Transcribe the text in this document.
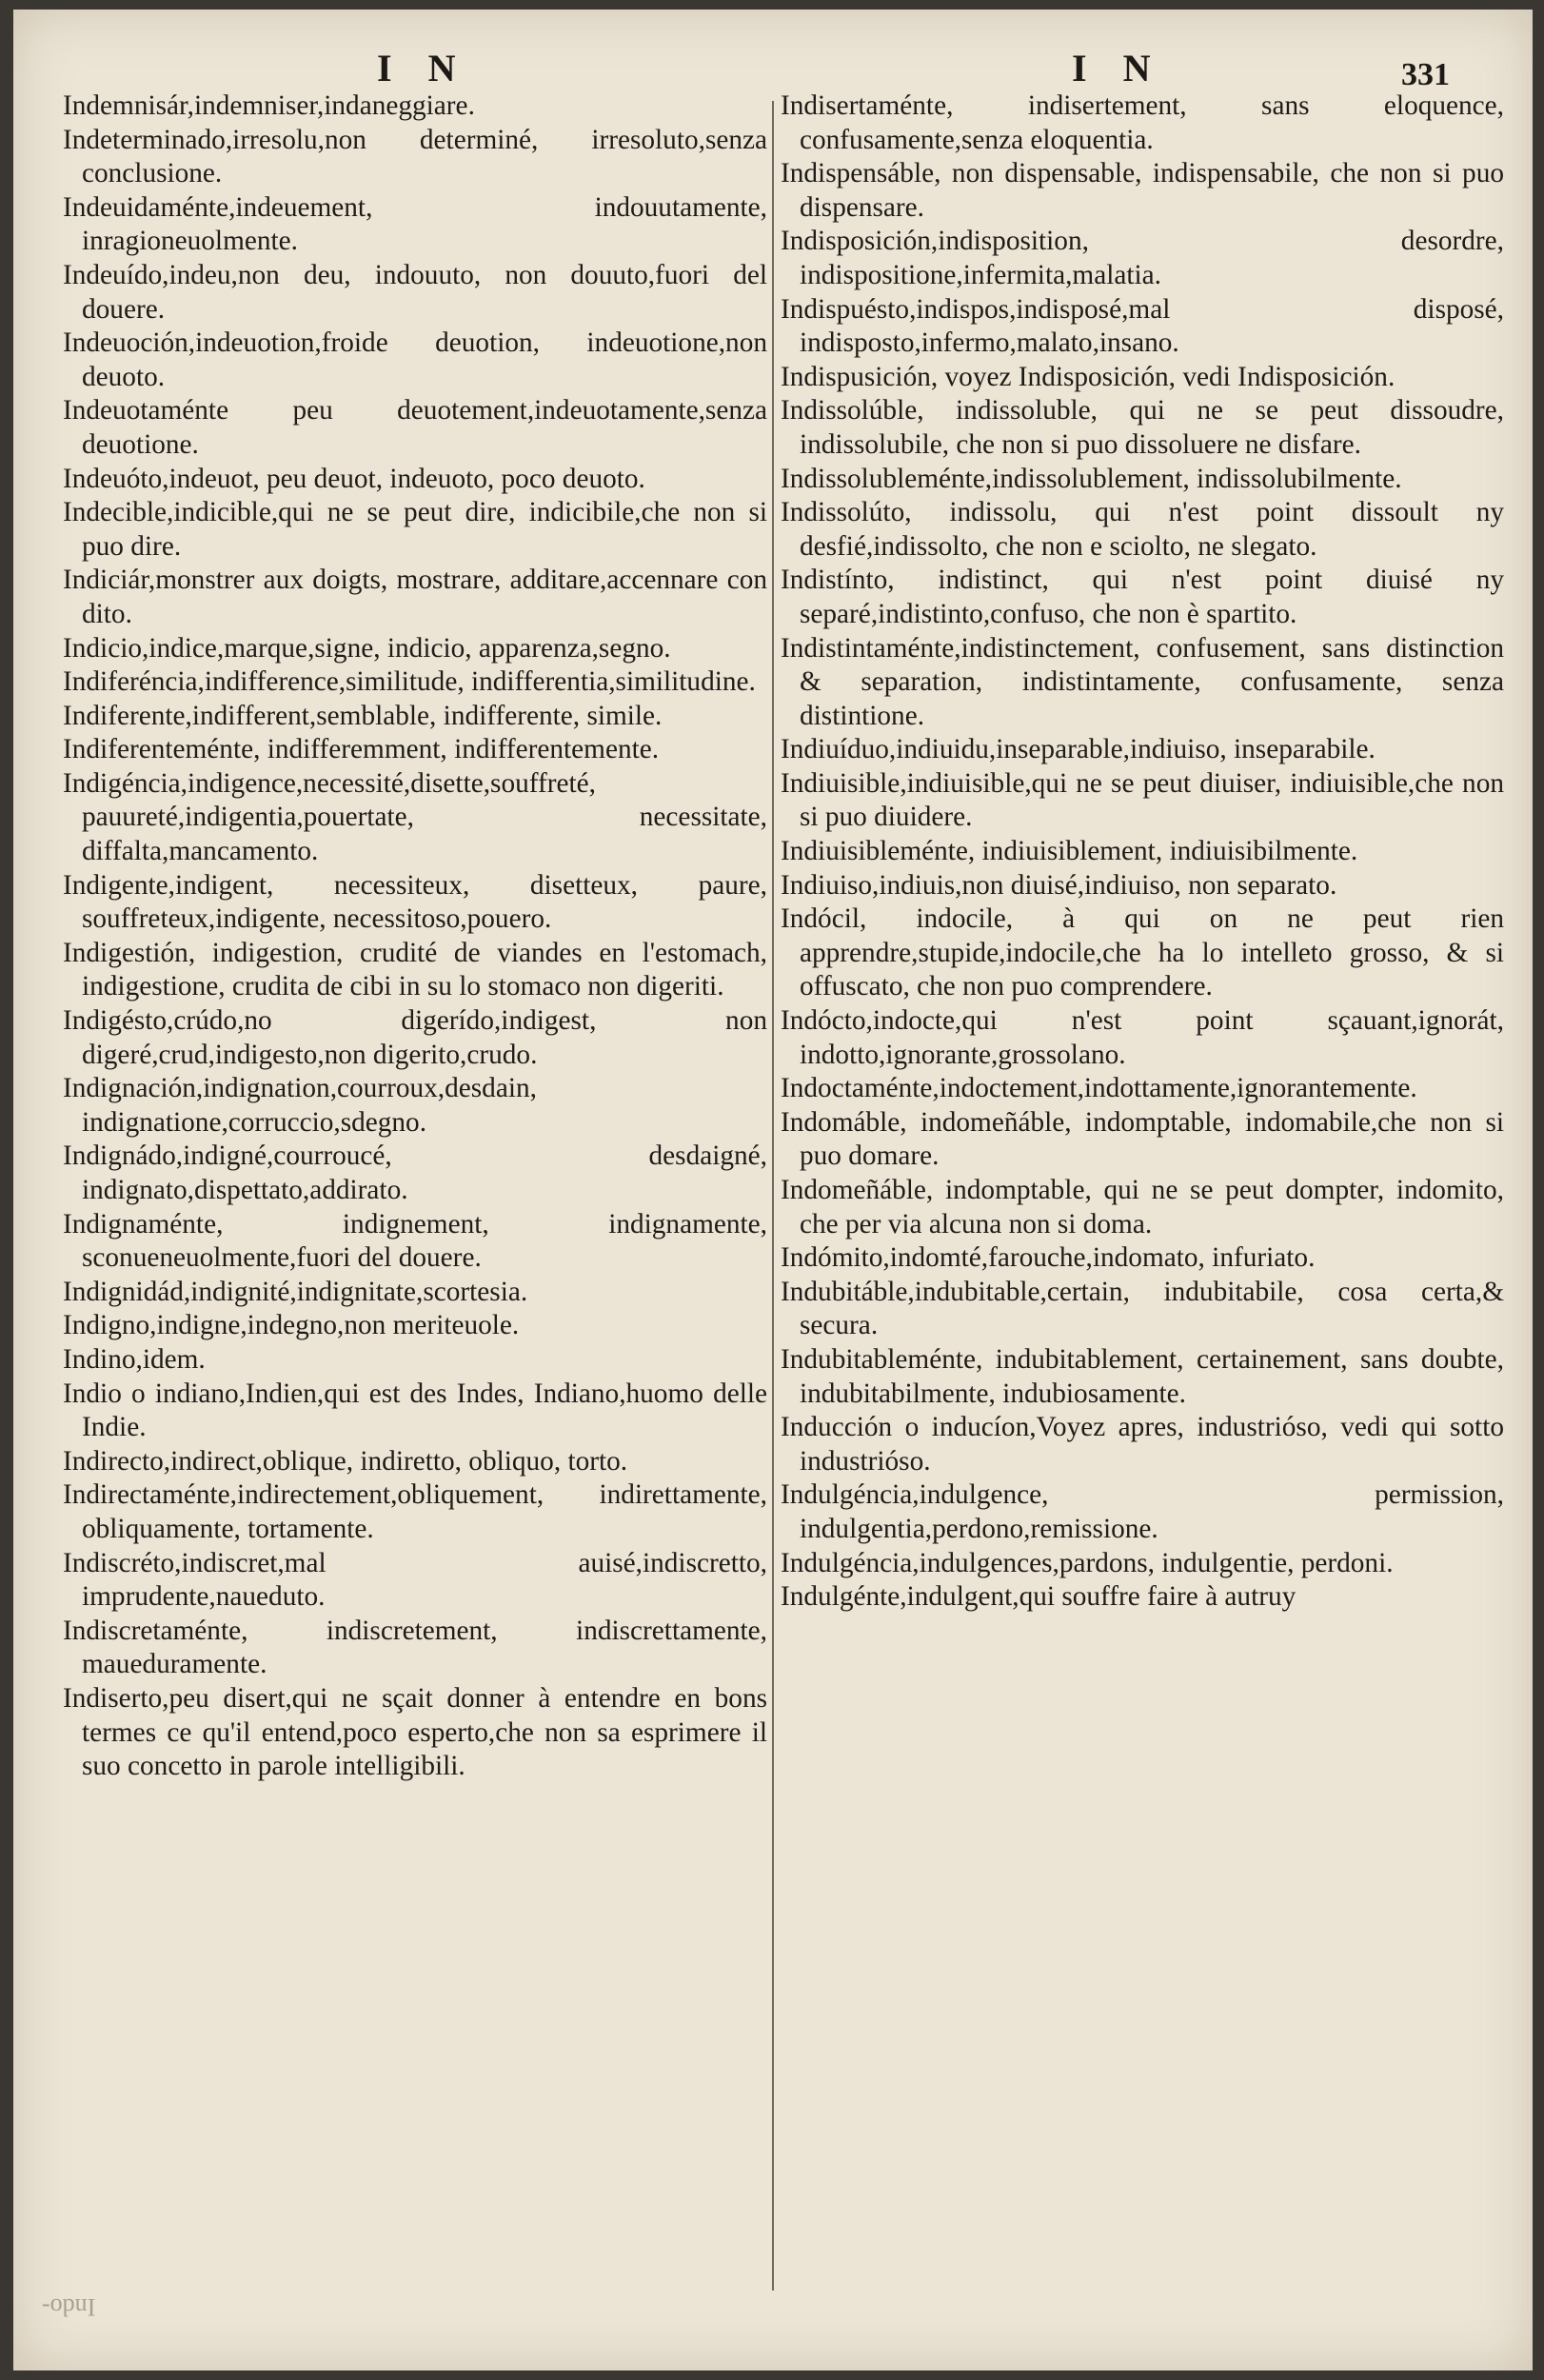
I N	I N	331

Indemnisár,indemniser,indaneggiare.

Indeterminado,irresolu,non determiné, irresoluto,senza conclusione.

Indeuidaménte,indeuement, indouutamente, inragioneuolmente.

Indeuído,indeu,non deu, indouuto, non douuto,fuori del douere.

Indeuoción,indeuotion,froide deuotion, indeuotione,non deuoto.

Indeuotaménte peu deuotement,indeuotamente,senza deuotione.

Indeuóto,indeuot, peu deuot, indeuoto, poco deuoto.

Indecible,indicible,qui ne se peut dire, indicibile,che non si puo dire.

Indiciár,monstrer aux doigts, mostrare, additare,accennare con dito.

Indicio,indice,marque,signe, indicio, apparenza,segno.

Indiferéncia,indifference,similitude, indifferentia,similitudine.

Indiferente,indifferent,semblable, indifferente, simile.

Indiferenteménte, indifferemment, indifferentemente.

Indigéncia,indigence,necessité,disette,souffreté, pauureté,indigentia,pouertate, necessitate, diffalta,mancamento.

Indigente,indigent, necessiteux, disetteux, paure, souffreteux,indigente, necessitoso,pouero.

Indigestión, indigestion, crudité de viandes en l'estomach, indigestione, crudita de cibi in su lo stomaco non digeriti.

Indigésto,crúdo,no digerído,indigest, non digeré,crud,indigesto,non digerito,crudo.

Indignación,indignation,courroux,desdain, indignatione,corruccio,sdegno.

Indignádo,indigné,courroucé, desdaigné, indignato,dispettato,addirato.

Indignaménte, indignement, indignamente, sconueneuolmente,fuori del douere.

Indignidád,indignité,indignitate,scortesia.

Indigno,indigne,indegno,non meriteuole.

Indino,idem.

Indio o indiano,Indien,qui est des Indes, Indiano,huomo delle Indie.

Indirecto,indirect,oblique, indiretto, obliquo, torto.

Indirectaménte,indirectement,obliquement, indirettamente, obliquamente, tortamente.

Indiscréto,indiscret,mal auisé,indiscretto, imprudente,naueduto.

Indiscretaménte, indiscretement, indiscrettamente, maueduramente.

Indiserto,peu disert,qui ne sçait donner à entendre en bons termes ce qu'il entend,poco esperto,che non sa esprimere il suo concetto in parole intelligibili.

Indisertaménte, indisertement, sans eloquence, confusamente,senza eloquentia.

Indispensáble, non dispensable, indispensabile, che non si puo dispensare.

Indisposición,indisposition, desordre, indispositione,infermita,malatia.

Indispuésto,indispos,indisposé,mal disposé, indisposto,infermo,malato,insano.

Indispusición, voyez Indisposición, vedi Indisposición.

Indissolúble, indissoluble, qui ne se peut dissoudre, indissolubile, che non si puo dissoluere ne disfare.

Indissolubleménte,indissolublement, indissolubilmente.

Indissolúto, indissolu, qui n'est point dissoult ny desfié,indissolto, che non e sciolto, ne slegato.

Indistínto, indistinct, qui n'est point diuisé ny separé,indistinto,confuso, che non è spartito.

Indistintaménte,indistinctement, confusement, sans distinction & separation, indistintamente, confusamente, senza distintione.

Indiuíduo,indiuidu,inseparable,indiuiso, inseparabile.

Indiuisible,indiuisible,qui ne se peut diuiser, indiuisible,che non si puo diuidere.

Indiuisibleménte, indiuisiblement, indiuisibilmente.

Indiuiso,indiuis,non diuisé,indiuiso, non separato.

Indócil, indocile, à qui on ne peut rien apprendre,stupide,indocile,che ha lo intelleto grosso, & si offuscato, che non puo comprendere.

Indócto,indocte,qui n'est point sçauant,ignorát, indotto,ignorante,grossolano.

Indoctaménte,indoctement,indottamente,ignorantemente.

Indomáble, indomeñáble, indomptable, indomabile,che non si puo domare.

Indomeñáble, indomptable, qui ne se peut dompter, indomito, che per via alcuna non si doma.

Indómito,indomté,farouche,indomato, infuriato.

Indubitáble,indubitable,certain, indubitabile, cosa certa,& secura.

Indubitableménte, indubitablement, certainement, sans doubte, indubitabilmente, indubiosamente.

Inducción o inducíon,Voyez apres, industrióso, vedi qui sotto industrióso.

Indulgéncia,indulgence, permission, indulgentia,perdono,remissione.

Indulgéncia,indulgences,pardons, indulgentie, perdoni.

Indulgénte,indulgent,qui souffre faire à autruy

Indo-
